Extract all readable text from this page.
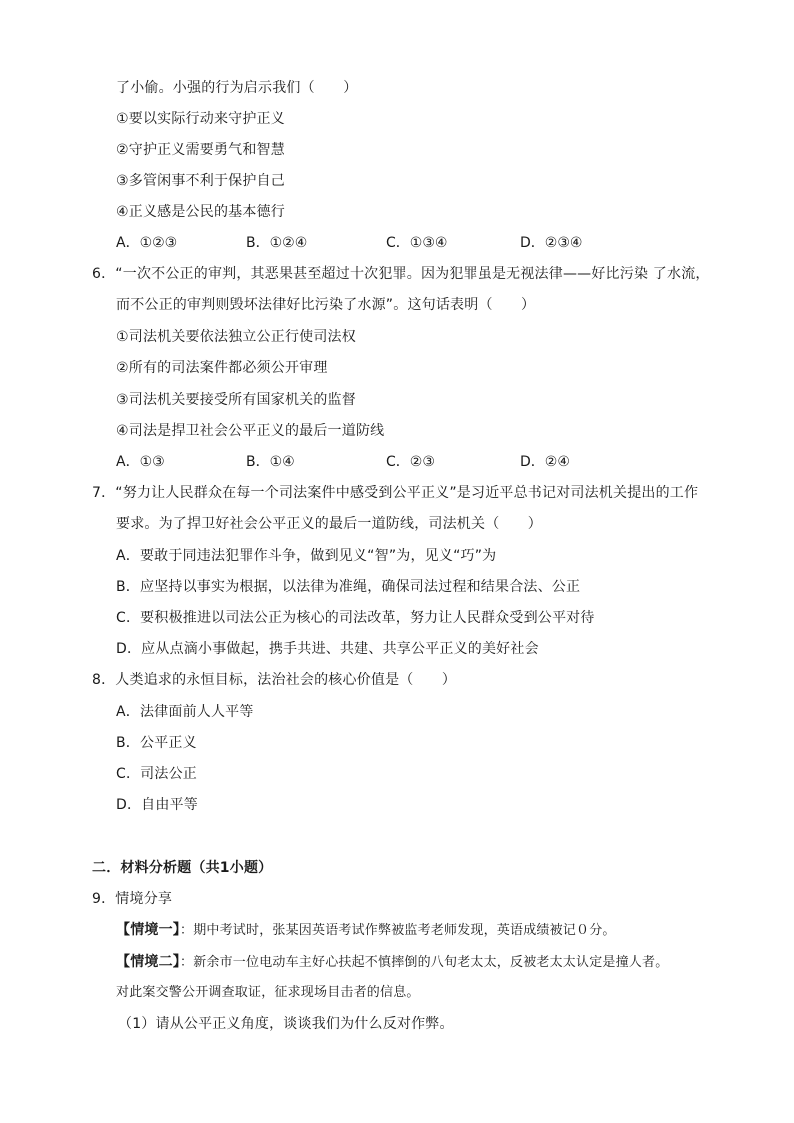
了小偷。小强的行为启示我们（　　）
①要以实际行动来守护正义
②守护正义需要勇气和智慧
③多管闲事不利于保护自己
④正义感是公民的基本德行
A．①②③	B．①②④	C．①③④	D．②③④
6．“一次不公正的审判，其恶果甚至超过十次犯罪。因为犯罪虽是无视法律——好比污染 了水流，
而不公正的审判则毁坏法律好比污染了水源”。这句话表明（　　）
①司法机关要依法独立公正行使司法权
②所有的司法案件都必须公开审理
③司法机关要接受所有国家机关的监督
④司法是捍卫社会公平正义的最后一道防线
A．①③	B．①④	C．②③	D．②④
7．“努力让人民群众在每一个司法案件中感受到公平正义”是习近平总书记对司法机关提出的工作
要求。为了捍卫好社会公平正义的最后一道防线，司法机关（　　）
A．要敢于同违法犯罪作斗争，做到见义“智”为，见义“巧”为
B．应坚持以事实为根据，以法律为准绳，确保司法过程和结果合法、公正
C．要积极推进以司法公正为核心的司法改革，努力让人民群众受到公平对待
D．应从点滴小事做起，携手共进、共建、共享公平正义的美好社会
8．人类追求的永恒目标，法治社会的核心价值是（　　）
A．法律面前人人平等
B．公平正义
C．司法公正
D．自由平等
二．材料分析题（共1小题）
9．情境分享
【情境一】：期中考试时，张某因英语考试作弊被监考老师发现，英语成绩被记０分。
【情境二】：新余市一位电动车主好心扶起不慎摔倒的八旬老太太，反被老太太认定是撞人者。
对此案交警公开调查取证，征求现场目击者的信息。
（1）请从公平正义角度，谈谈我们为什么反对作弊。
